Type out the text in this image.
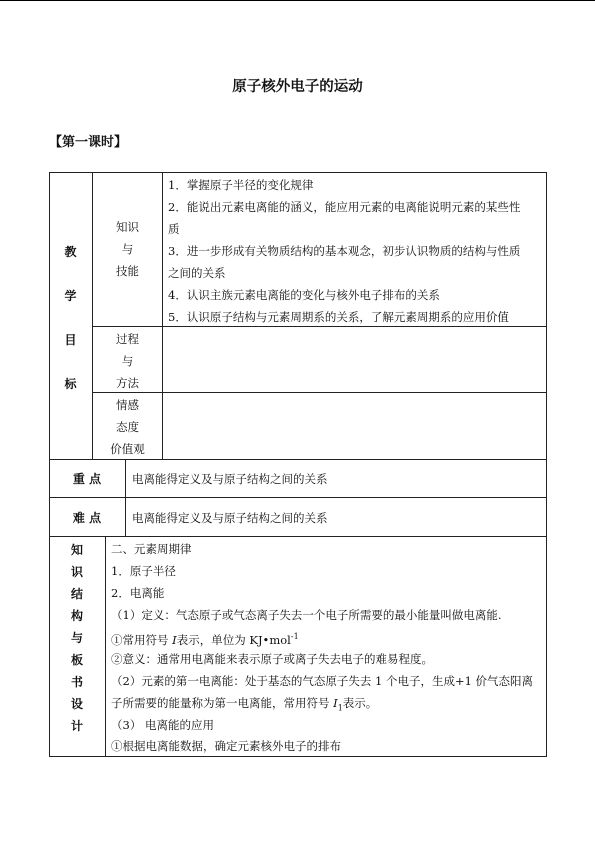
原子核外电子的运动
【第一课时】
教
学
目
标
知识
与
技能
过程
与
方法
情感
态度
价值观
1．掌握原子半径的变化规律
2．能说出元素电离能的涵义，能应用元素的电离能说明元素的某些性
质
3．进一步形成有关物质结构的基本观念，初步认识物质的结构与性质
之间的关系
4．认识主族元素电离能的变化与核外电子排布的关系
5．认识原子结构与元素周期系的关系，了解元素周期系的应用价值
重 点	电离能得定义及与原子结构之间的关系
难 点	电离能得定义及与原子结构之间的关系
知
识
结
构
与
板
书
设
计
二、元素周期律
1．原子半径
2．电离能
（1）定义：气态原子或气态离子失去一个电子所需要的最小能量叫做电离能.
①常用符号 I表示，单位为 KJ•mol$^{-1}$
②意义：通常用电离能来表示原子或离子失去电子的难易程度。
（2）元素的第一电离能：处于基态的气态原子失去 1 个电子，生成+1 价气态阳离
子所需要的能量称为第一电离能，常用符号 $I_1$表示。
（3） 电离能的应用
①根据电离能数据，确定元素核外电子的排布
